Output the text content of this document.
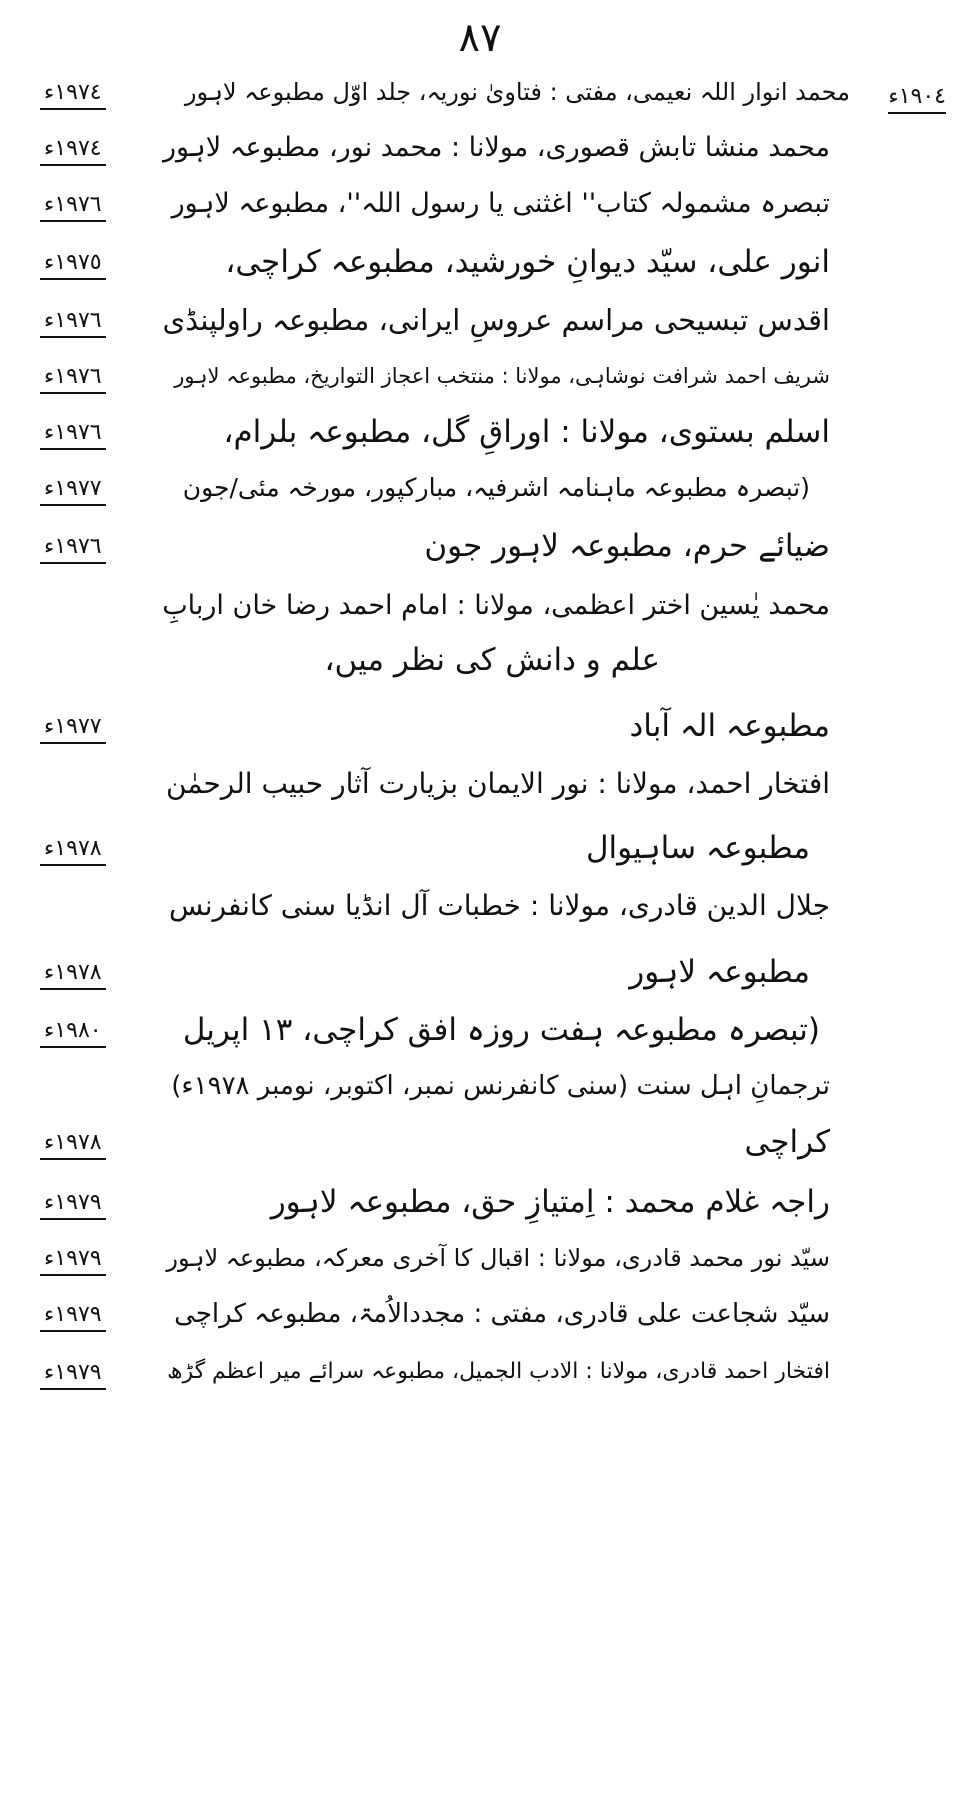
۸۷
١٩٠٤ء
محمد انوار اللہ نعیمی، مفتی : فتاویٰ نوریہ، جلد اوّل مطبوعہ لاہور
١٩٧٤ء
محمد منشا تابش قصوری، مولانا : محمد نور، مطبوعہ لاہور
١٩٧٤ء
تبصرہ مشمولہ کتاب'' اغثنی یا رسول اللہ''، مطبوعہ لاہور
١٩٧٦ء
انور علی، سیّد دیوانِ خورشید، مطبوعہ کراچی،
١٩٧٥ء
اقدس تبسیحی مراسم عروسِ ایرانی، مطبوعہ راولپنڈی
١٩٧٦ء
شریف احمد شرافت نوشاہی، مولانا : منتخب اعجاز التواریخ، مطبوعہ لاہور
١٩٧٦ء
اسلم بستوی، مولانا : اوراقِ گل، مطبوعہ بلرام،
١٩٧٦ء
(تبصرہ مطبوعہ ماہنامہ اشرفیہ، مبارکپور، مورخہ مئی/جون
١٩٧٧ء
ضیائے حرم، مطبوعہ لاہور جون
١٩٧٦ء
محمد یٰسین اختر اعظمی، مولانا : امام احمد رضا خان اربابِ
علم و دانش کی نظر میں،
مطبوعہ الہ آباد
١٩٧٧ء
افتخار احمد، مولانا : نور الایمان بزیارت آثار حبیب الرحمٰن
مطبوعہ ساہیوال
١٩٧٨ء
جلال الدین قادری، مولانا : خطبات آل انڈیا سنی کانفرنس
مطبوعہ لاہور
١٩٧٨ء
(تبصرہ مطبوعہ ہفت روزہ افق کراچی، ١٣ اپریل
١٩٨٠ء
ترجمانِ اہل سنت (سنی کانفرنس نمبر، اکتوبر، نومبر ١٩٧٨ء)
کراچی
١٩٧٨ء
راجہ غلام محمد : اِمتیازِ حق، مطبوعہ لاہور
١٩٧٩ء
سیّد نور محمد قادری، مولانا : اقبال کا آخری معرکہ، مطبوعہ لاہور
١٩٧٩ء
سیّد شجاعت علی قادری، مفتی : مجددالاُمۃ، مطبوعہ کراچی
١٩٧٩ء
افتخار احمد قادری، مولانا : الادب الجمیل، مطبوعہ سرائے میر اعظم گڑھ
١٩٧٩ء
